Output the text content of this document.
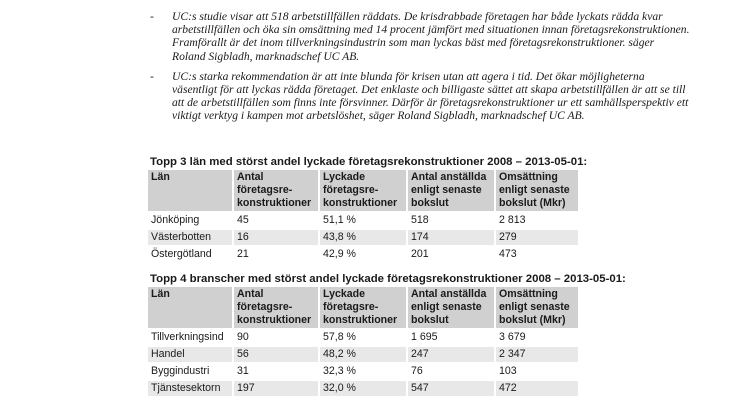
- UC:s studie visar att 518 arbetstillfällen räddats. De krisdrabbade företagen har både lyckats rädda kvar arbetstillfällen och öka sin omsättning med 14 procent jämfört med situationen innan företagsrekonstruktionen. Framförallt är det inom tillverkningsindustrin som man lyckas bäst med företagsrekonstruktioner. säger Roland Sigbladh, marknadschef UC AB.
- UC:s starka rekommendation är att inte blunda för krisen utan att agera i tid. Det ökar möjligheterna väsentligt för att lyckas rädda företaget. Det enklaste och billigaste sättet att skapa arbetstillfällen är att se till att de arbetstillfällen som finns inte försvinner. Därför är företagsrekonstruktioner ur ett samhällsperspektiv ett viktigt verktyg i kampen mot arbetslöshet, säger Roland Sigbladh, marknadschef UC AB.
Topp 3 län med störst andel lyckade företagsrekonstruktioner 2008 – 2013-05-01:
Län	Antal företagsre-konstruktioner	Lyckade företagsre-konstruktioner	Antal anställda enligt senaste bokslut	Omsättning enligt senaste bokslut (Mkr)
Jönköping	45	51,1 %	518	2 813
Västerbotten	16	43,8 %	174	279
Östergötland	21	42,9 %	201	473
Topp 4 branscher med störst andel lyckade företagsrekonstruktioner 2008 – 2013-05-01:
Län	Antal företagsre-konstruktioner	Lyckade företagsre-konstruktioner	Antal anställda enligt senaste bokslut	Omsättning enligt senaste bokslut (Mkr)
Tillverkningsind	90	57,8 %	1 695	3 679
Handel	56	48,2 %	247	2 347
Byggindustri	31	32,3 %	76	103
Tjänstesektorn	197	32,0 %	547	472
